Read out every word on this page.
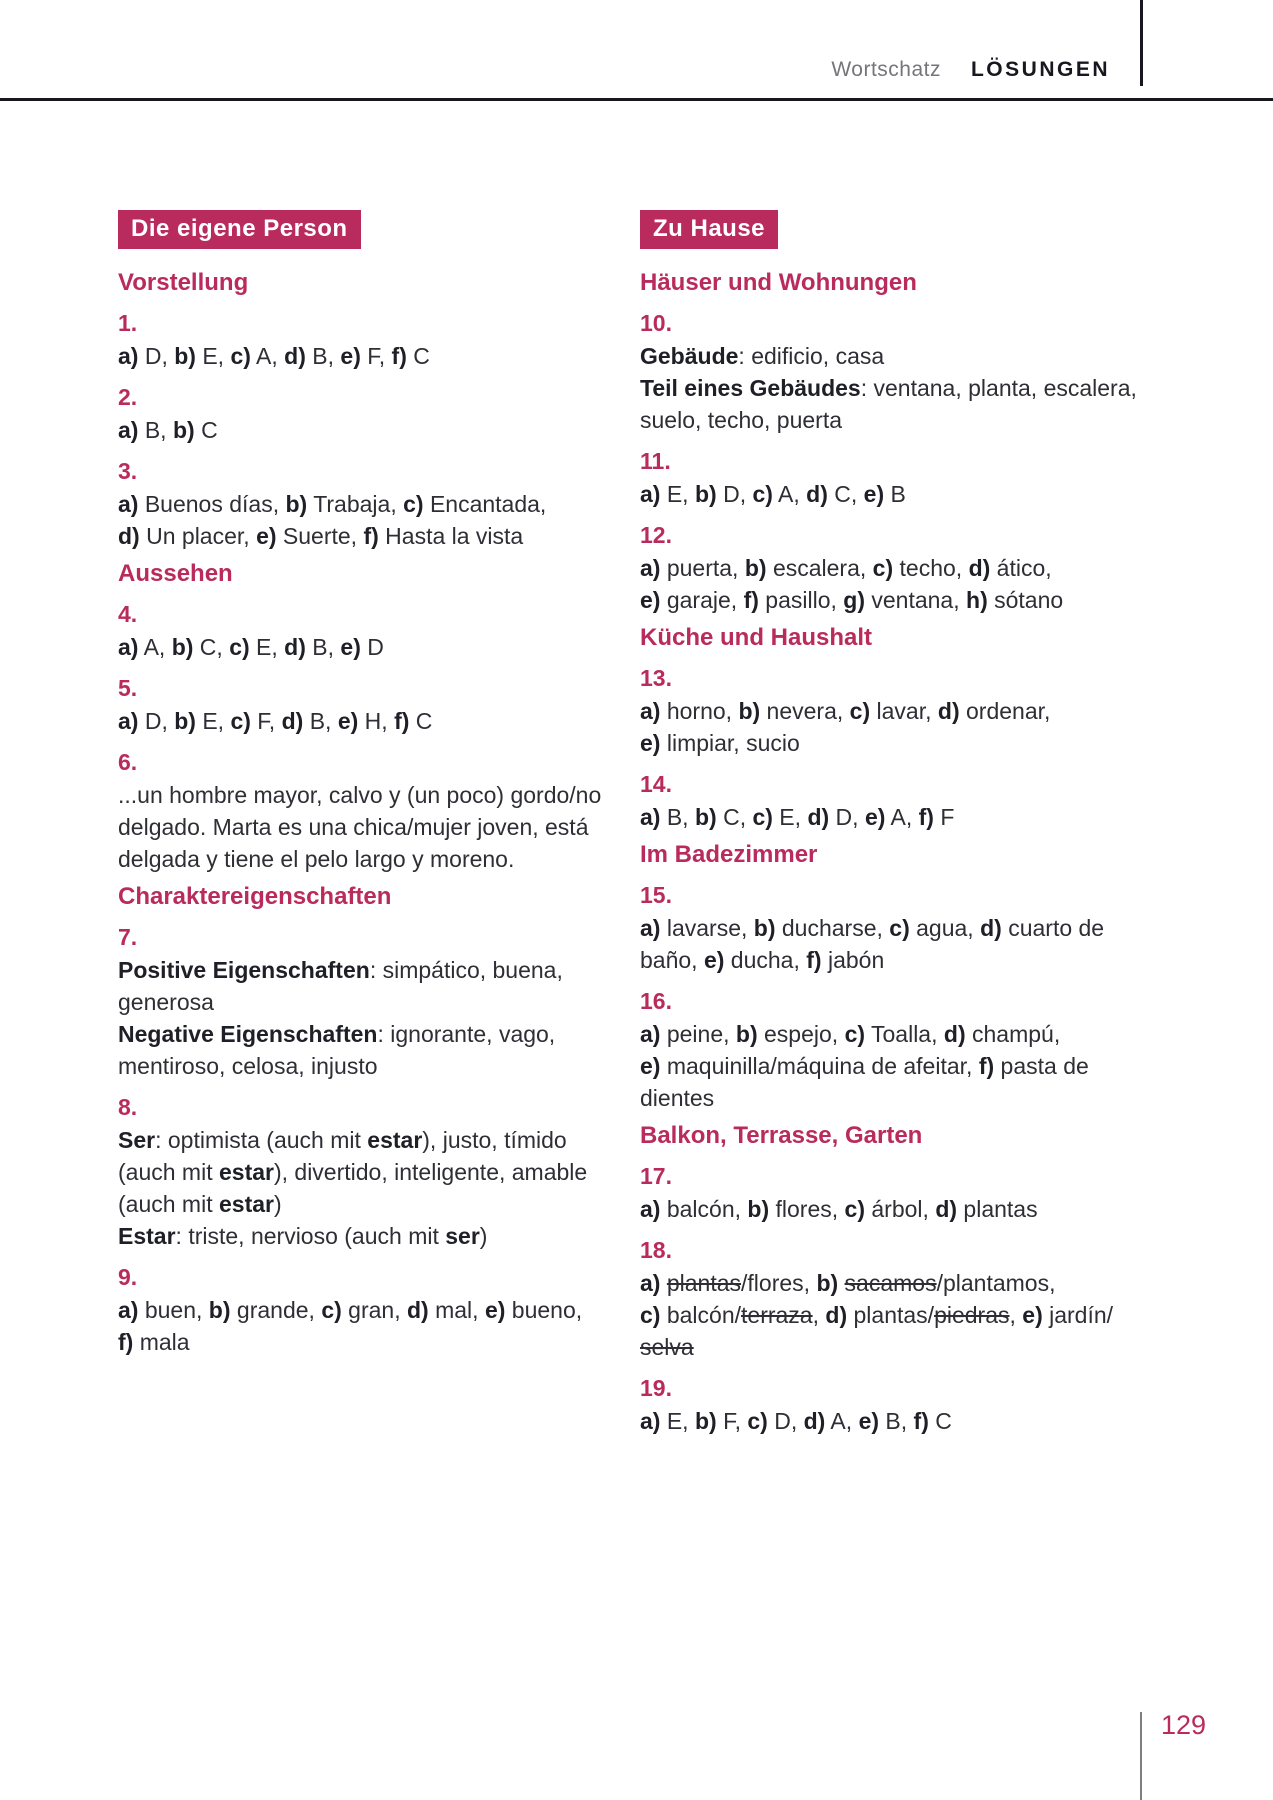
Wortschatz LÖSUNGEN
Die eigene Person
Vorstellung
1.
a) D, b) E, c) A, d) B, e) F, f) C
2.
a) B, b) C
3.
a) Buenos días, b) Trabaja, c) Encantada,
d) Un placer, e) Suerte, f) Hasta la vista
Aussehen
4.
a) A, b) C, c) E, d) B, e) D
5.
a) D, b) E, c) F, d) B, e) H, f) C
6.
...un hombre mayor, calvo y (un poco) gordo/no
delgado. Marta es una chica/mujer joven, está
delgada y tiene el pelo largo y moreno.
Charaktereigenschaften
7.
Positive Eigenschaften: simpático, buena,
generosa
Negative Eigenschaften: ignorante, vago,
mentiroso, celosa, injusto
8.
Ser: optimista (auch mit estar), justo, tímido
(auch mit estar), divertido, inteligente, amable
(auch mit estar)
Estar: triste, nervioso (auch mit ser)
9.
a) buen, b) grande, c) gran, d) mal, e) bueno,
f) mala
Zu Hause
Häuser und Wohnungen
10.
Gebäude: edificio, casa
Teil eines Gebäudes: ventana, planta, escalera,
suelo, techo, puerta
11.
a) E, b) D, c) A, d) C, e) B
12.
a) puerta, b) escalera, c) techo, d) ático,
e) garaje, f) pasillo, g) ventana, h) sótano
Küche und Haushalt
13.
a) horno, b) nevera, c) lavar, d) ordenar,
e) limpiar, sucio
14.
a) B, b) C, c) E, d) D, e) A, f) F
Im Badezimmer
15.
a) lavarse, b) ducharse, c) agua, d) cuarto de
baño, e) ducha, f) jabón
16.
a) peine, b) espejo, c) Toalla, d) champú,
e) maquinilla/máquina de afeitar, f) pasta de
dientes
Balkon, Terrasse, Garten
17.
a) balcón, b) flores, c) árbol, d) plantas
18.
a) plantas/flores, b) sacamos/plantamos,
c) balcón/terraza, d) plantas/piedras, e) jardín/
selva
19.
a) E, b) F, c) D, d) A, e) B, f) C
129
